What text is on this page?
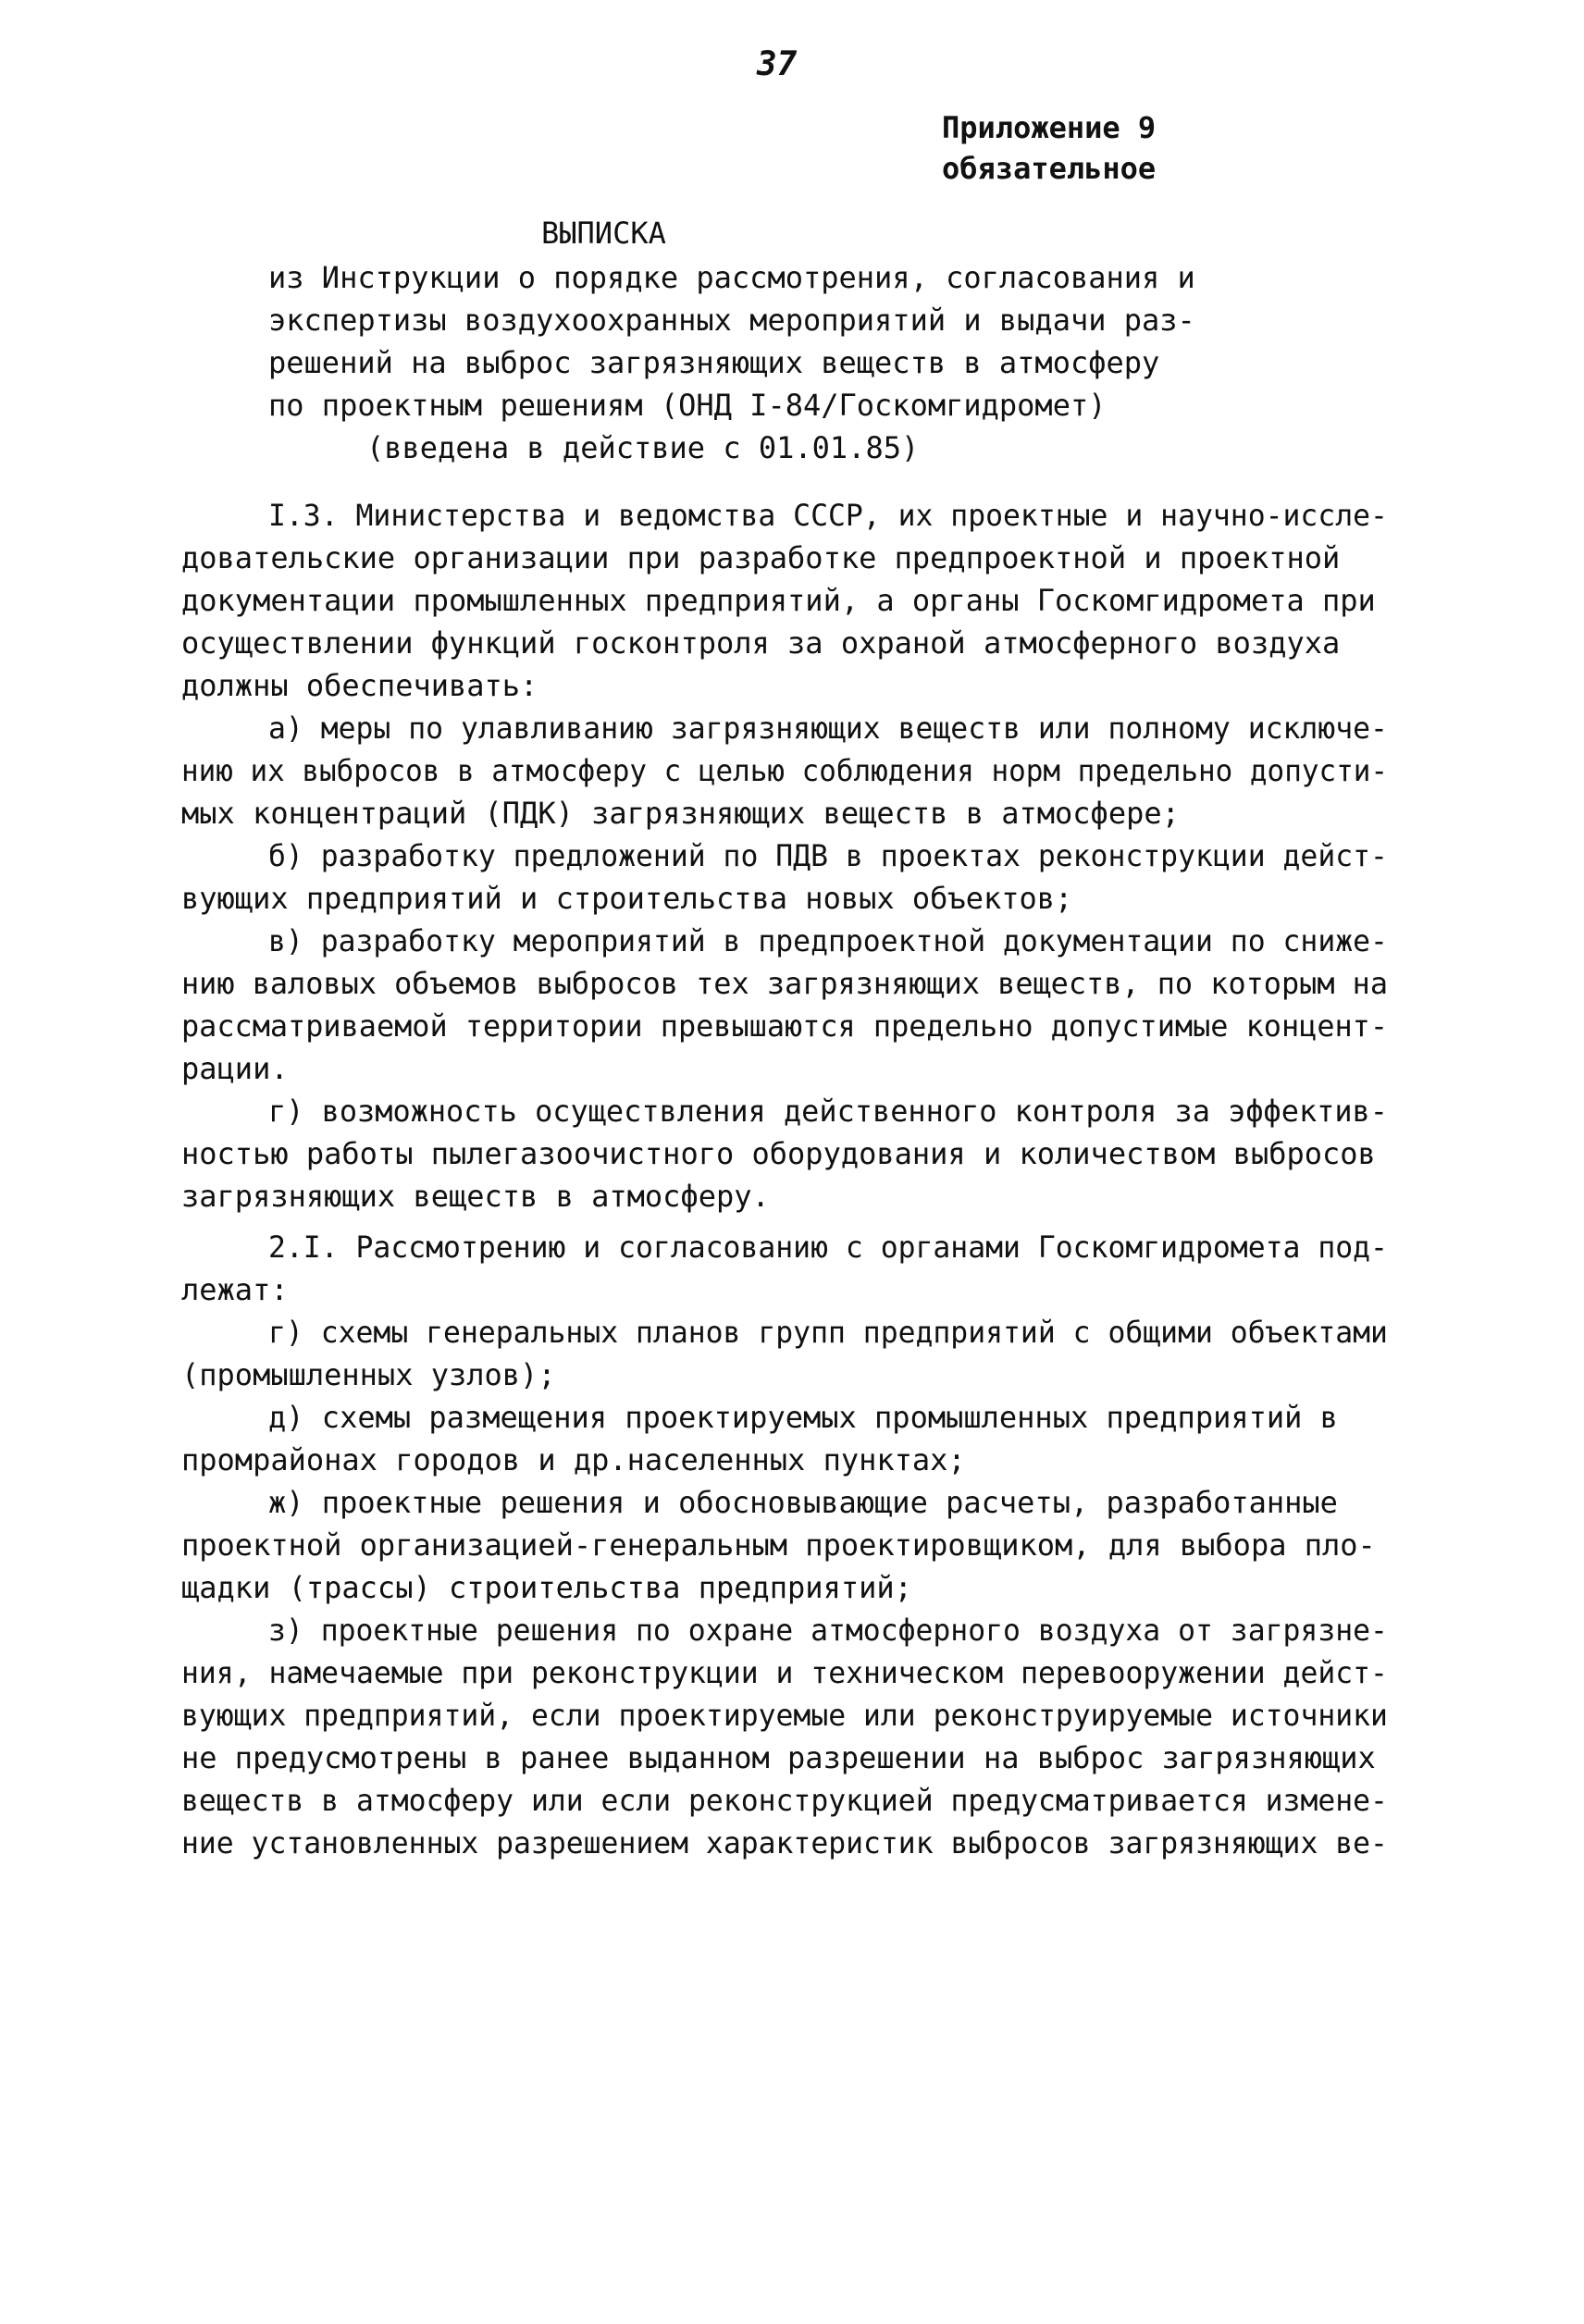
37
Приложение 9
обязательное
ВЫПИСКА
из Инструкции о порядке рассмотрения, согласования и
экспертизы воздухоохранных мероприятий и выдачи раз-
решений на выброс загрязняющих веществ в атмосферу
по проектным решениям (ОНД I-84/Госкомгидромет)
(введена в действие с 01.01.85)
I.3. Министерства и ведомства СССР, их проектные и научно-иссле-
довательские организации при разработке предпроектной и проектной
документации промышленных предприятий, а органы Госкомгидромета при
осуществлении функций госконтроля за охраной атмосферного воздуха
должны обеспечивать:
а) меры по улавливанию загрязняющих веществ или полному исключе-
нию их выбросов в атмосферу с целью соблюдения норм предельно допусти-
мых концентраций (ПДК) загрязняющих веществ в атмосфере;
б) разработку предложений по ПДВ в проектах реконструкции дейст-
вующих предприятий и строительства новых объектов;
в) разработку мероприятий в предпроектной документации по сниже-
нию валовых объемов выбросов тех загрязняющих веществ, по которым на
рассматриваемой территории превышаются предельно допустимые концент-
рации.
г) возможность осуществления действенного контроля за эффектив-
ностью работы пылегазоочистного оборудования и количеством выбросов
загрязняющих веществ в атмосферу.
2.I. Рассмотрению и согласованию с органами Госкомгидромета под-
лежат:
г) схемы генеральных планов групп предприятий с общими объектами
(промышленных узлов);
д) схемы размещения проектируемых промышленных предприятий в
промрайонах городов и др.населенных пунктах;
ж) проектные решения и обосновывающие расчеты, разработанные
проектной организацией-генеральным проектировщиком, для выбора пло-
щадки (трассы) строительства предприятий;
з) проектные решения по охране атмосферного воздуха от загрязне-
ния, намечаемые при реконструкции и техническом перевооружении дейст-
вующих предприятий, если проектируемые или реконструируемые источники
не предусмотрены в ранее выданном разрешении на выброс загрязняющих
веществ в атмосферу или если реконструкцией предусматривается измене-
ние установленных разрешением характеристик выбросов загрязняющих ве-
